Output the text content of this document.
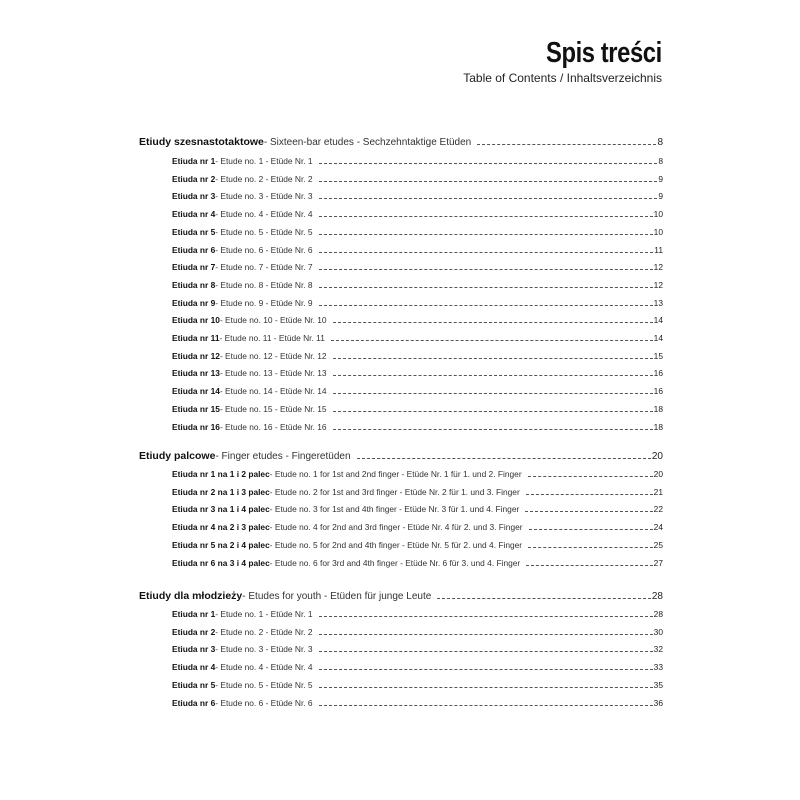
Spis treści
Table of Contents / Inhaltsverzeichnis
Etiudy szesnastotaktowe - Sixteen-bar etudes - Sechzehntaktige Etüden	8
Etiuda nr 1 - Etude no. 1 - Etüde Nr. 1	8
Etiuda nr 2 - Etude no. 2 - Etüde Nr. 2	9
Etiuda nr 3 - Etude no. 3 - Etüde Nr. 3	9
Etiuda nr 4 - Etude no. 4 - Etüde Nr. 4	10
Etiuda nr 5 - Etude no. 5 - Etüde Nr. 5	10
Etiuda nr 6 - Etude no. 6 - Etüde Nr. 6	11
Etiuda nr 7 - Etude no. 7 - Etüde Nr. 7	12
Etiuda nr 8 - Etude no. 8 - Etüde Nr. 8	12
Etiuda nr 9 - Etude no. 9 - Etüde Nr. 9	13
Etiuda nr 10 - Etude no. 10 - Etüde Nr. 10	14
Etiuda nr 11 - Etude no. 11 - Etüde Nr. 11	14
Etiuda nr 12 - Etude no. 12 - Etüde Nr. 12	15
Etiuda nr 13 - Etude no. 13 - Etüde Nr. 13	16
Etiuda nr 14 - Etude no. 14 - Etüde Nr. 14	16
Etiuda nr 15 - Etude no. 15 - Etüde Nr. 15	18
Etiuda nr 16 - Etude no. 16 - Etüde Nr. 16	18
Etiudy palcowe - Finger etudes - Fingeretüden	20
Etiuda nr 1 na 1 i 2 palec - Etude no. 1 for 1st and 2nd finger - Etüde Nr. 1 für 1. und 2. Finger	20
Etiuda nr 2 na 1 i 3 palec - Etude no. 2 for 1st and 3rd finger - Etüde Nr. 2 für 1. und 3. Finger	21
Etiuda nr 3 na 1 i 4 palec - Etude no. 3 for 1st and 4th finger - Etüde Nr. 3 für 1. und 4. Finger	22
Etiuda nr 4 na 2 i 3 palec - Etude no. 4 for 2nd and 3rd finger - Etüde Nr. 4 für 2. und 3. Finger	24
Etiuda nr 5 na 2 i 4 palec - Etude no. 5 for 2nd and 4th finger - Etüde Nr. 5 für 2. und 4. Finger	25
Etiuda nr 6 na 3 i 4 palec - Etude no. 6 for 3rd and 4th finger - Etüde Nr. 6 für 3. und 4. Finger	27
Etiudy dla młodzieży - Etudes for youth - Etüden für junge Leute	28
Etiuda nr 1 - Etude no. 1 - Etüde Nr. 1	28
Etiuda nr 2 - Etude no. 2 - Etüde Nr. 2	30
Etiuda nr 3 - Etude no. 3 - Etüde Nr. 3	32
Etiuda nr 4 - Etude no. 4 - Etüde Nr. 4	33
Etiuda nr 5 - Etude no. 5 - Etüde Nr. 5	35
Etiuda nr 6 - Etude no. 6 - Etüde Nr. 6	36
